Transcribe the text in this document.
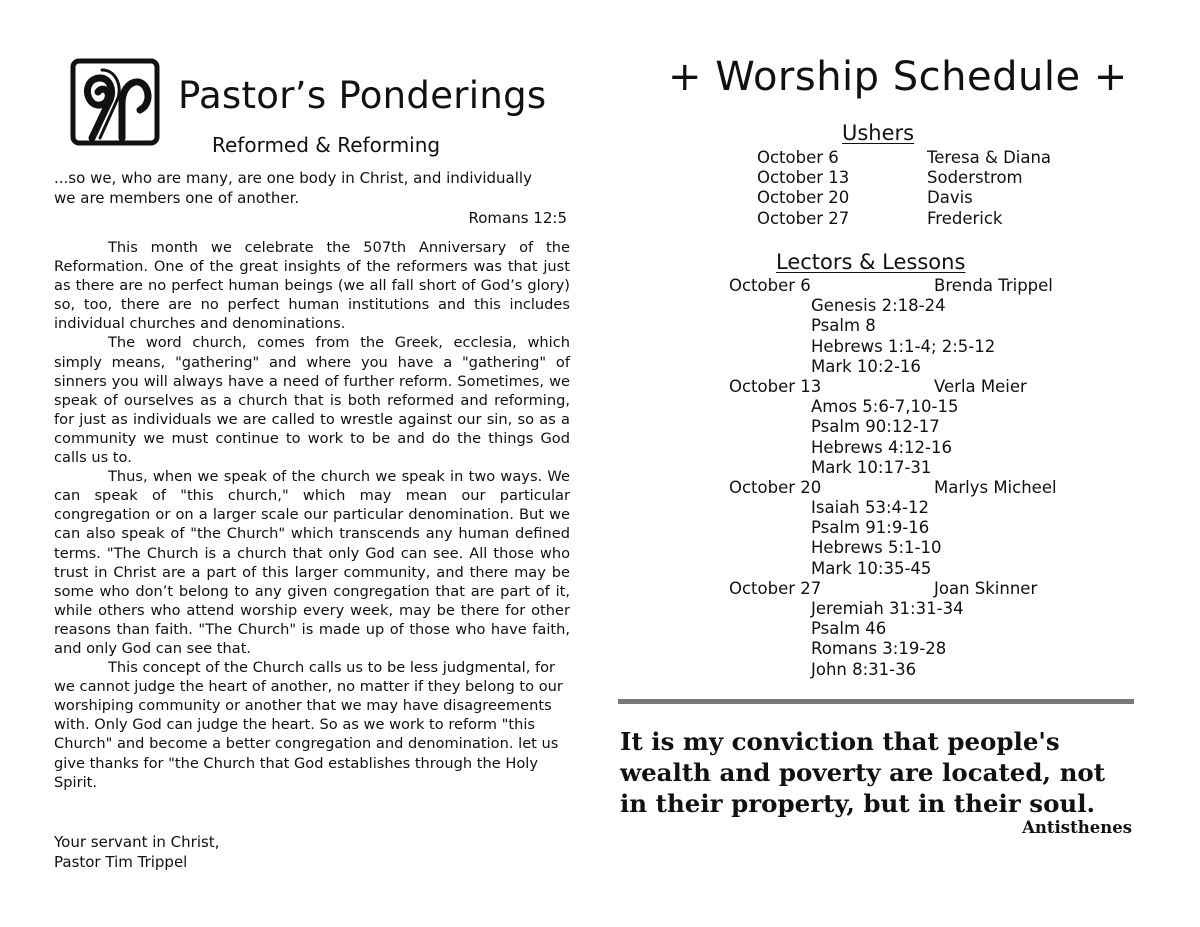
Pastor’s Ponderings
Reformed & Reforming
...so we, who are many, are one body in Christ, and individually
we are members one of another.
Romans 12:5

This month we celebrate the 507th Anniversary of the Reformation. One of the great insights of the reformers was that just as there are no perfect human beings (we all fall short of God’s glory) so, too, there are no perfect human institutions and this includes individual churches and denominations.

The word church, comes from the Greek, ecclesia, which simply means, "gathering" and where you have a "gathering" of sinners you will always have a need of further reform. Sometimes, we speak of ourselves as a church that is both reformed and reforming, for just as individuals we are called to wrestle against our sin, so as a community we must continue to work to be and do the things God calls us to.

Thus, when we speak of the church we speak in two ways. We can speak of "this church," which may mean our particular congregation or on a larger scale our particular denomination. But we can also speak of "the Church" which transcends any human defined terms. "The Church is a church that only God can see. All those who trust in Christ are a part of this larger community, and there may be some who don’t belong to any given congregation that are part of it, while others who attend worship every week, may be there for other reasons than faith. "The Church" is made up of those who have faith, and only God can see that.

This concept of the Church calls us to be less judgmental, for we cannot judge the heart of another, no matter if they belong to our worshiping community or another that we may have disagreements with. Only God can judge the heart. So as we work to reform "this Church" and become a better congregation and denomination. let us give thanks for "the Church that God establishes through the Holy Spirit.

Your servant in Christ,
Pastor Tim Trippel
+ Worship Schedule +
Ushers
October 6	Teresa & Diana
October 13	Soderstrom
October 20	Davis
October 27	Frederick
Lectors & Lessons
October 6	Brenda Trippel
Genesis 2:18-24
Psalm 8
Hebrews 1:1-4; 2:5-12
Mark 10:2-16
October 13	Verla Meier
Amos 5:6-7,10-15
Psalm 90:12-17
Hebrews 4:12-16
Mark 10:17-31
October 20	Marlys Micheel
Isaiah 53:4-12
Psalm 91:9-16
Hebrews 5:1-10
Mark 10:35-45
October 27	Joan Skinner
Jeremiah 31:31-34
Psalm 46
Romans 3:19-28
John 8:31-36
It is my conviction that people's
wealth and poverty are located, not
in their property, but in their soul.
Antisthenes
